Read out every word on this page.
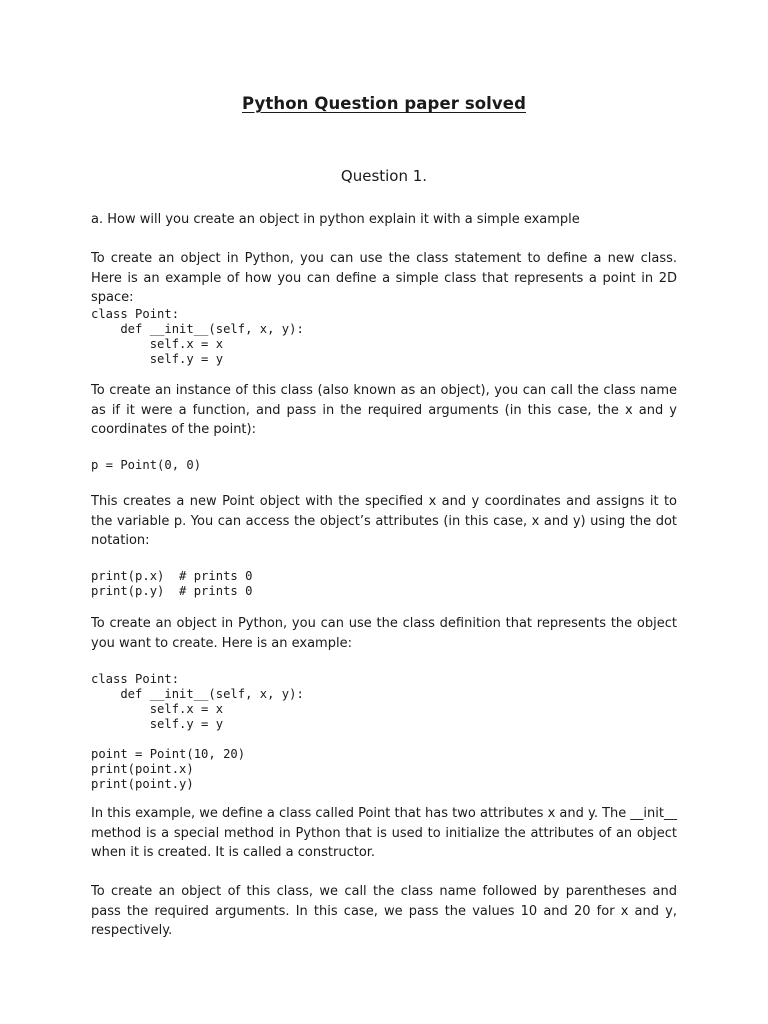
Python Question paper solved
Question 1.

a. How will you create an object in python explain it with a simple example

To create an object in Python, you can use the class statement to define a new class. Here is an example of how you can define a simple class that represents a point in 2D space:

class Point:
def __init__(self, x, y):
self.x = x
self.y = y

To create an instance of this class (also known as an object), you can call the class name as if it were a function, and pass in the required arguments (in this case, the x and y coordinates of the point):

p = Point(0, 0)

This creates a new Point object with the specified x and y coordinates and assigns it to the variable p. You can access the object’s attributes (in this case, x and y) using the dot notation:

print(p.x)  # prints 0
print(p.y)  # prints 0

To create an object in Python, you can use the class definition that represents the object you want to create. Here is an example:

class Point:
def __init__(self, x, y):
self.x = x
self.y = y

point = Point(10, 20)
print(point.x)
print(point.y)

In this example, we define a class called Point that has two attributes x and y. The __init__ method is a special method in Python that is used to initialize the attributes of an object when it is created. It is called a constructor.

To create an object of this class, we call the class name followed by parentheses and pass the required arguments. In this case, we pass the values 10 and 20 for x and y, respectively.
